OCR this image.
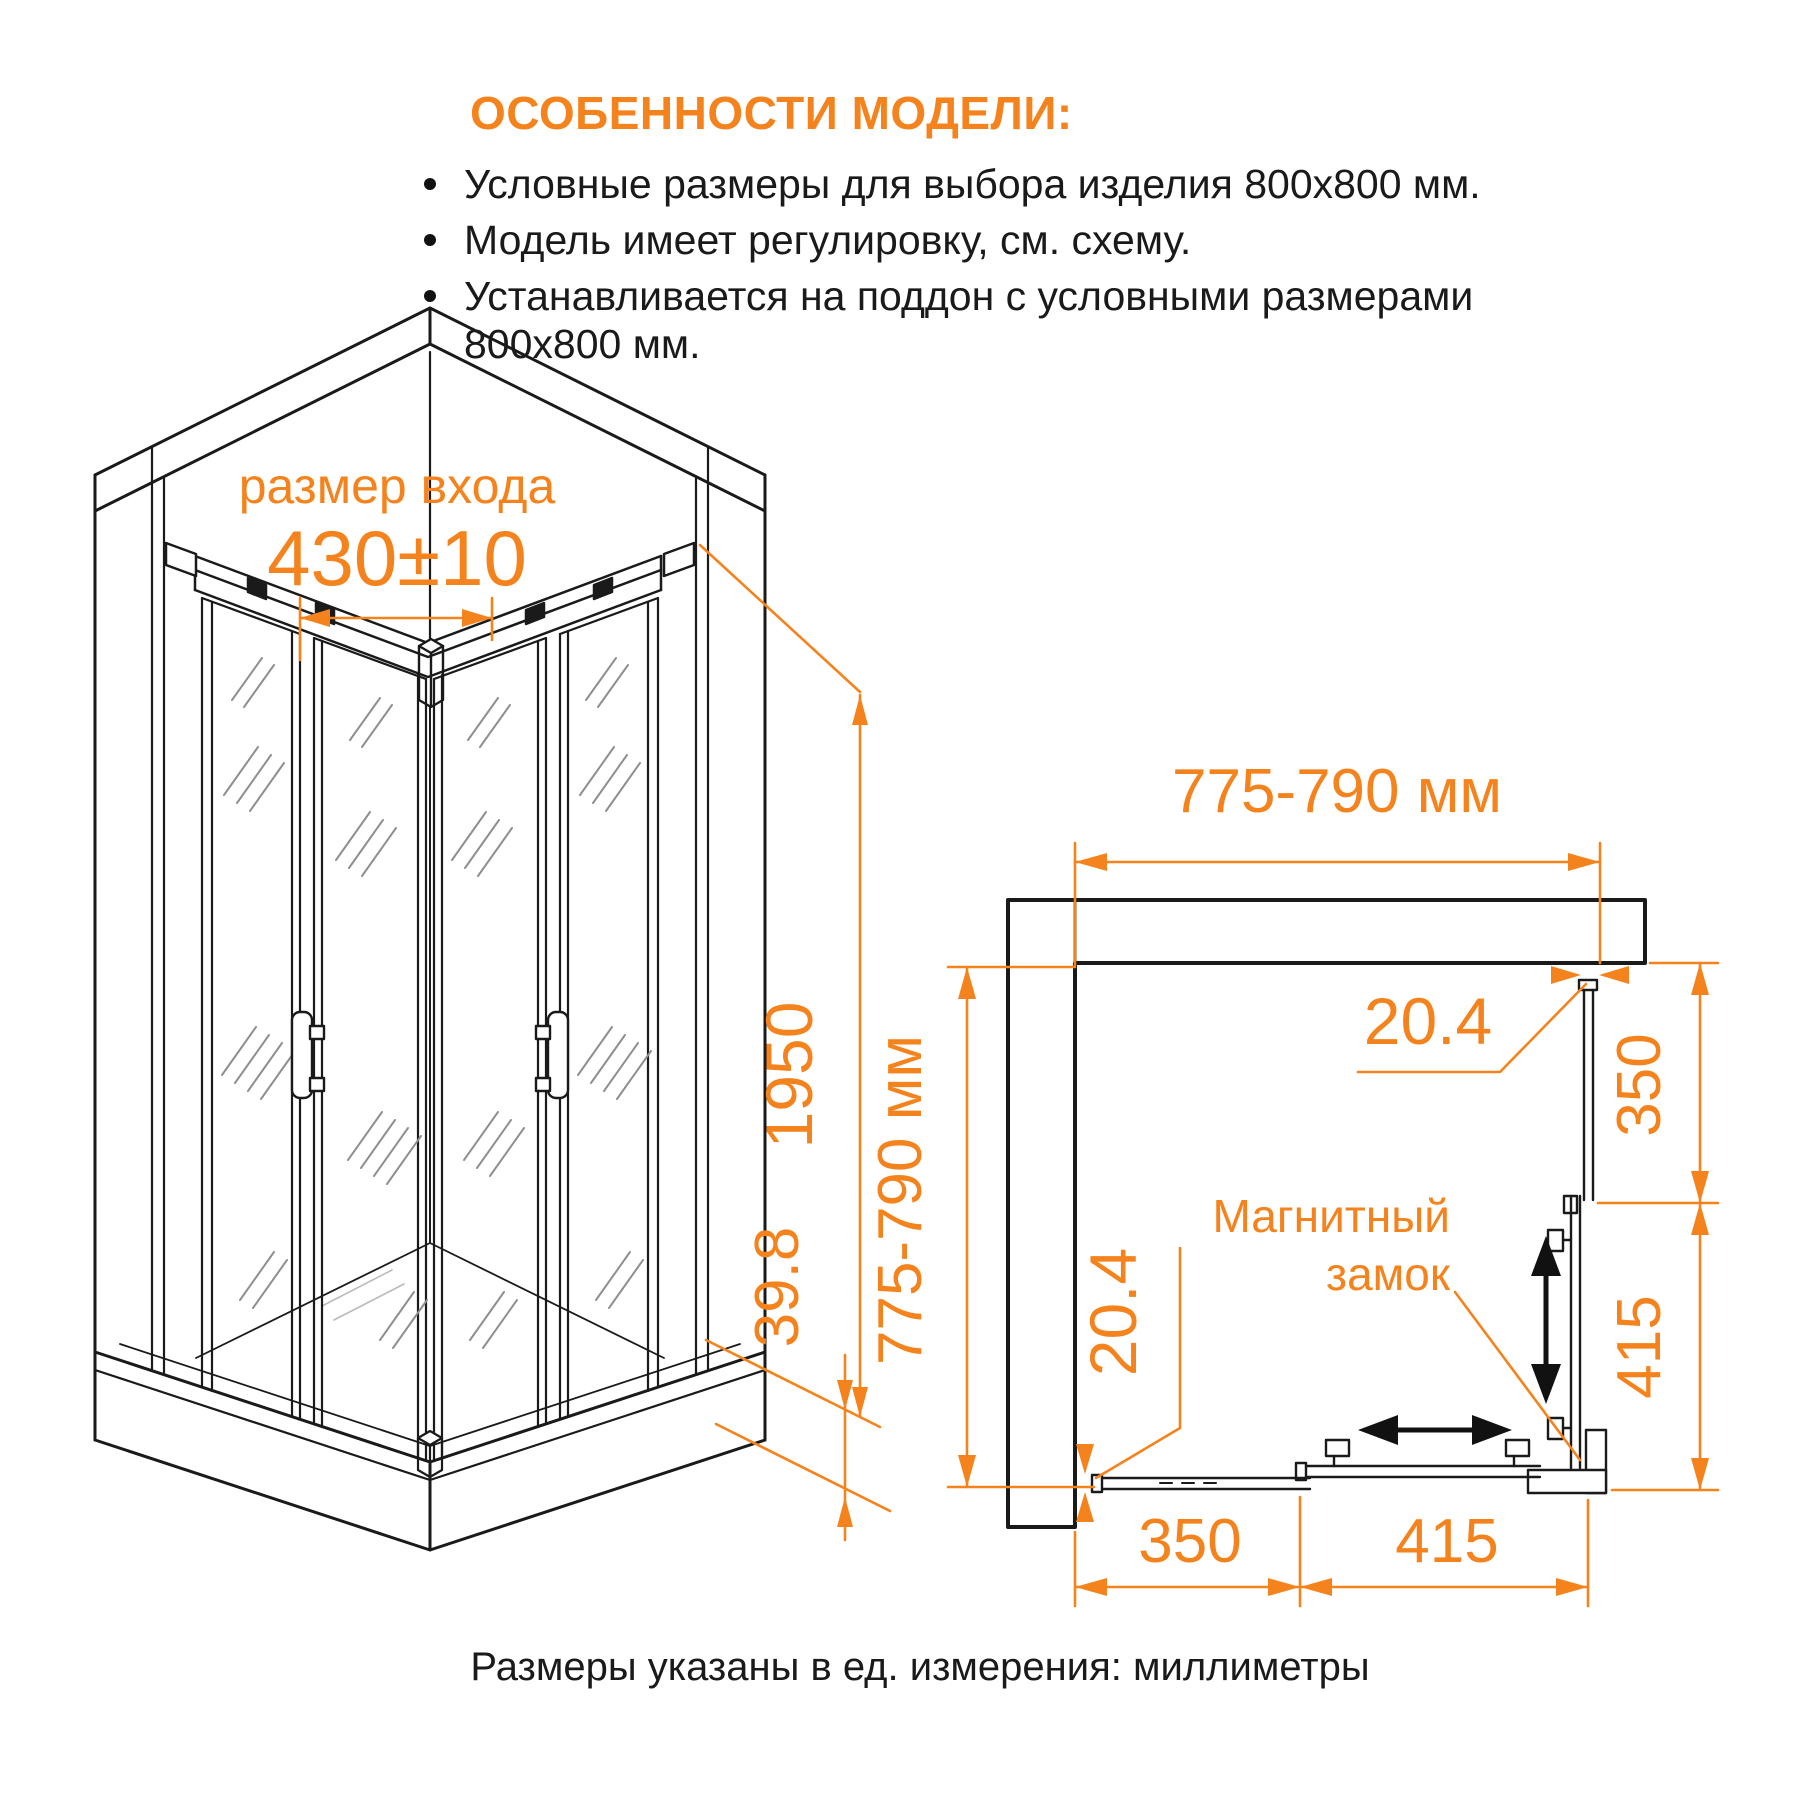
ОСОБЕННОСТИ МОДЕЛИ:
Условные размеры для выбора изделия 800x800 мм.
Модель имеет регулировку, см. схему.
Устанавливается на поддон с условными размерами
800x800 мм.
размер входа
430±10
1950
39.8
775-790 мм
775-790 мм
20.4
20.4
350
415
350 415
Магнитный
замок
Размеры указаны в ед. измерения: миллиметры
